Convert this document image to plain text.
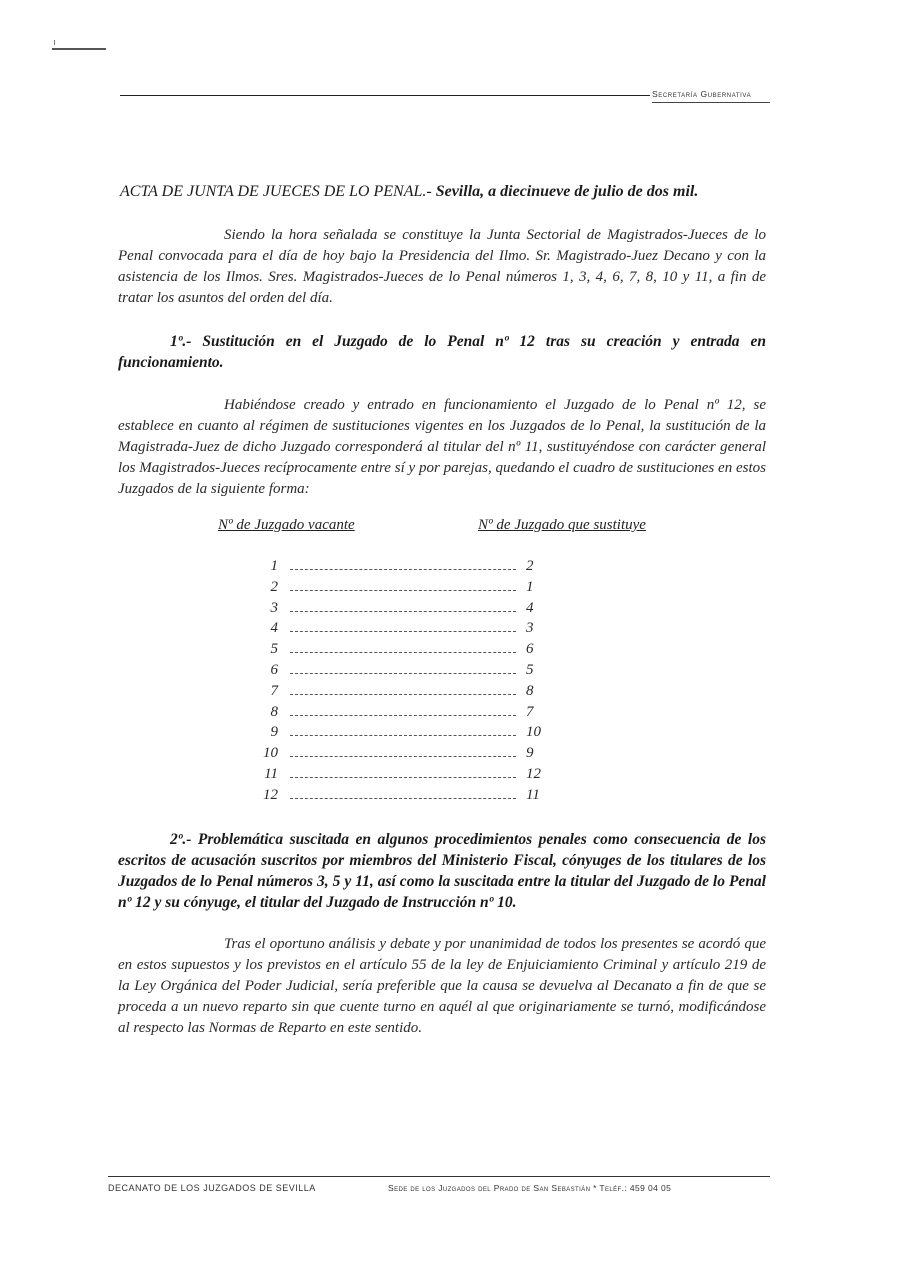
Secretaría Gubernativa
ACTA DE JUNTA DE JUECES DE LO PENAL.- Sevilla, a diecinueve de julio de dos mil.
Siendo la hora señalada se constituye la Junta Sectorial de Magistrados-Jueces de lo Penal convocada para el día de hoy bajo la Presidencia del Ilmo. Sr. Magistrado-Juez Decano y con la asistencia de los Ilmos. Sres. Magistrados-Jueces de lo Penal números 1, 3, 4, 6, 7, 8, 10 y 11, a fin de tratar los asuntos del orden del día.
1º.- Sustitución en el Juzgado de lo Penal nº 12 tras su creación y entrada en funcionamiento.
Habiéndose creado y entrado en funcionamiento el Juzgado de lo Penal nº 12, se establece en cuanto al régimen de sustituciones vigentes en los Juzgados de lo Penal, la sustitución de la Magistrada-Juez de dicho Juzgado corresponderá al titular del nº 11, sustituyéndose con carácter general los Magistrados-Jueces recíprocamente entre sí y por parejas, quedando el cuadro de sustituciones en estos Juzgados de la siguiente forma:
Nº de Juzgado vacante	Nº de Juzgado que sustituye
1	2
2	1
3	4
4	3
5	6
6	5
7	8
8	7
9	10
10	9
11	12
12	11
2º.- Problemática suscitada en algunos procedimientos penales como consecuencia de los escritos de acusación suscritos por miembros del Ministerio Fiscal, cónyuges de los titulares de los Juzgados de lo Penal números 3, 5 y 11, así como la suscitada entre la titular del Juzgado de lo Penal nº 12 y su cónyuge, el titular del Juzgado de Instrucción nº 10.
Tras el oportuno análisis y debate y por unanimidad de todos los presentes se acordó que en estos supuestos y los previstos en el artículo 55 de la ley de Enjuiciamiento Criminal y artículo 219 de la Ley Orgánica del Poder Judicial, sería preferible que la causa se devuelva al Decanato a fin de que se proceda a un nuevo reparto sin que cuente turno en aquél al que originariamente se turnó, modificándose al respecto las Normas de Reparto en este sentido.
DECANATO DE LOS JUZGADOS DE SEVILLA	Sede de los Juzgados del Prado de San Sebastián * Teléf.: 459 04 05
